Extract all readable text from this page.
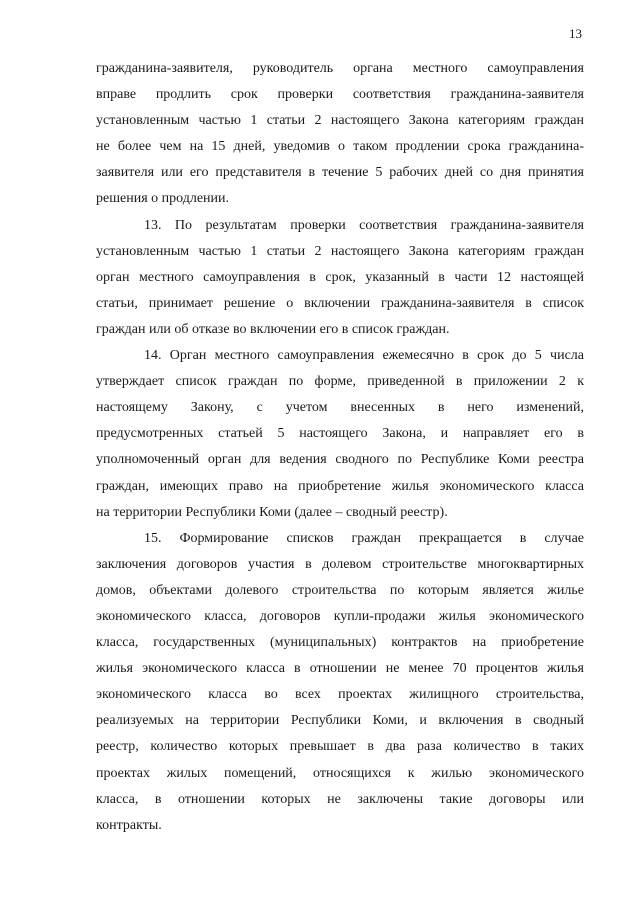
13
гражданина-заявителя, руководитель органа местного самоуправления
вправе продлить срок проверки соответствия гражданина-заявителя
установленным частью 1 статьи 2 настоящего Закона категориям граждан
не более чем на 15 дней, уведомив о таком продлении срока гражданина-
заявителя или его представителя в течение 5 рабочих дней со дня принятия
решения о продлении.
13. По результатам проверки соответствия гражданина-заявителя
установленным частью 1 статьи 2 настоящего Закона категориям граждан
орган местного самоуправления в срок, указанный в части 12 настоящей
статьи, принимает решение о включении гражданина-заявителя в список
граждан или об отказе во включении его в список граждан.
14. Орган местного самоуправления ежемесячно в срок до 5 числа
утверждает список граждан по форме, приведенной в приложении 2 к
настоящему Закону, с учетом внесенных в него изменений,
предусмотренных статьей 5 настоящего Закона, и направляет его в
уполномоченный орган для ведения сводного по Республике Коми реестра
граждан, имеющих право на приобретение жилья экономического класса
на территории Республики Коми (далее – сводный реестр).
15. Формирование списков граждан прекращается в случае
заключения договоров участия в долевом строительстве многоквартирных
домов, объектами долевого строительства по которым является жилье
экономического класса, договоров купли-продажи жилья экономического
класса, государственных (муниципальных) контрактов на приобретение
жилья экономического класса в отношении не менее 70 процентов жилья
экономического класса во всех проектах жилищного строительства,
реализуемых на территории Республики Коми, и включения в сводный
реестр, количество которых превышает в два раза количество в таких
проектах жилых помещений, относящихся к жилью экономического
класса, в отношении которых не заключены такие договоры или
контракты.
